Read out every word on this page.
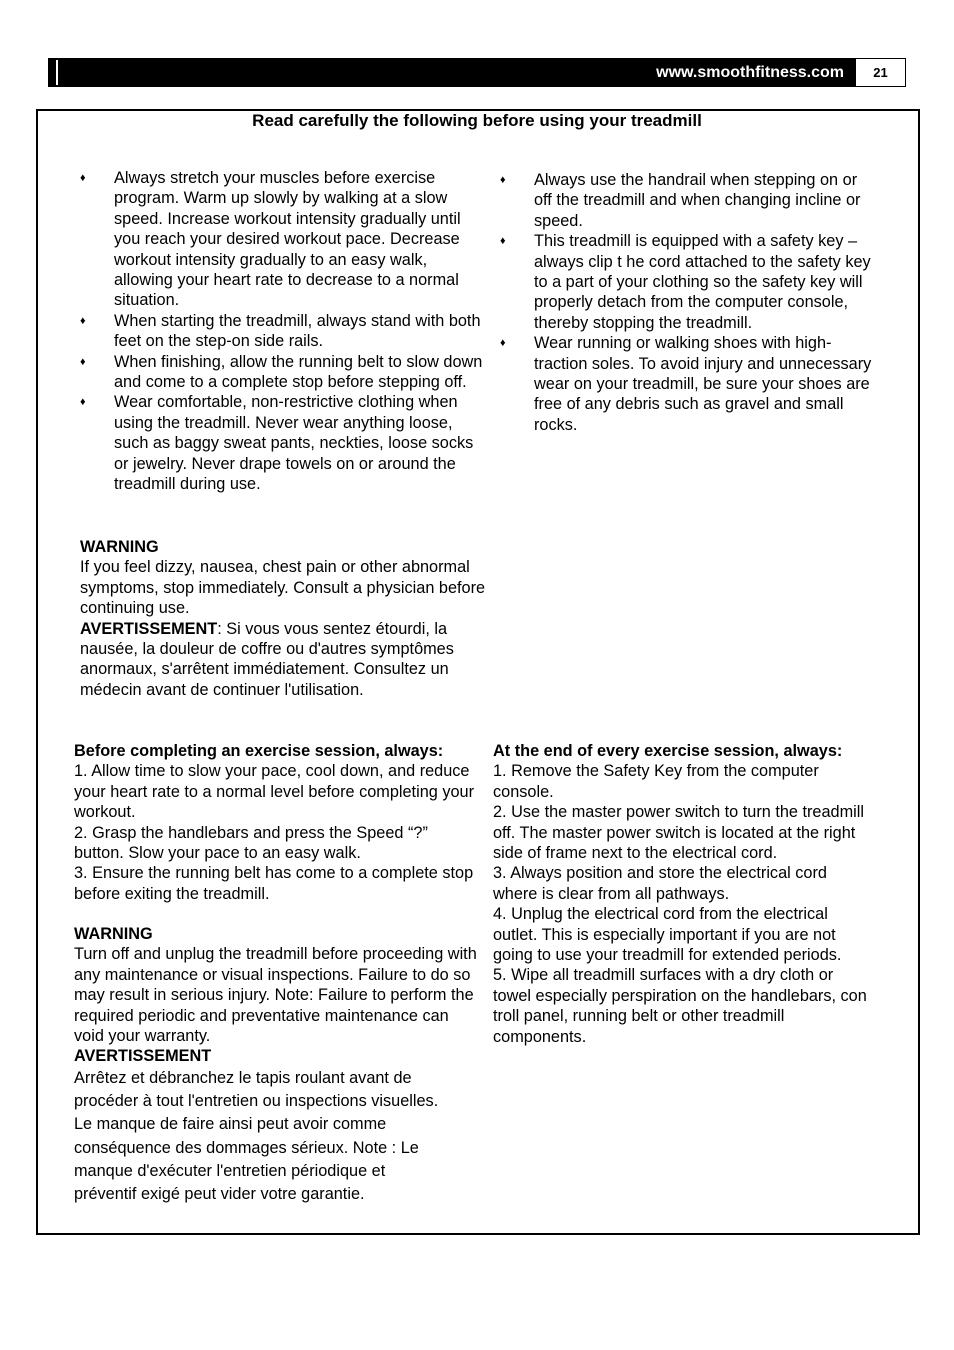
www.smoothfitness.com	21
Read carefully the following before using your treadmill
♦ Always stretch your muscles before exercise program. Warm up slowly by walking at a slow speed. Increase workout intensity gradually until you reach your desired workout pace. Decrease workout intensity gradually to an easy walk, allowing your heart rate to decrease to a normal situation.
♦ When starting the treadmill, always stand with both feet on the step-on side rails.
♦ When finishing, allow the running belt to slow down and come to a complete stop before stepping off.
♦ Wear comfortable, non-restrictive clothing when using the treadmill. Never wear anything loose, such as baggy sweat pants, neckties, loose socks or jewelry. Never drape towels on or around the treadmill during use.
♦ Always use the handrail when stepping on or off the treadmill and when changing incline or speed.
♦ This treadmill is equipped with a safety key – always clip t he cord attached to the safety key to a part of your clothing so the safety key will properly detach from the computer console, thereby stopping the treadmill.
♦ Wear running or walking shoes with high-traction soles. To avoid injury and unnecessary wear on your treadmill, be sure your shoes are free of any debris such as gravel and small rocks.
WARNING
If you feel dizzy, nausea, chest pain or other abnormal symptoms, stop immediately. Consult a physician before continuing use.
AVERTISSEMENT: Si vous vous sentez étourdi, la nausée, la douleur de coffre ou d'autres symptômes anormaux, s'arrêtent immédiatement. Consultez un médecin avant de continuer l'utilisation.
Before completing an exercise session, always:
1. Allow time to slow your pace, cool down, and reduce your heart rate to a normal level before completing your workout.
2. Grasp the handlebars and press the Speed “?” button. Slow your pace to an easy walk.
3. Ensure the running belt has come to a complete stop before exiting the treadmill.
WARNING
Turn off and unplug the treadmill before proceeding with any maintenance or visual inspections. Failure to do so may result in serious injury. Note: Failure to perform the required periodic and preventative maintenance can void your warranty.
AVERTISSEMENT
Arrêtez et débranchez le tapis roulant avant de
procéder à tout l'entretien ou inspections visuelles.
Le manque de faire ainsi peut avoir comme
conséquence des dommages sérieux. Note : Le
manque d'exécuter l'entretien périodique et
préventif exigé peut vider votre garantie.
At the end of every exercise session, always:
1. Remove the Safety Key from the computer console.
2. Use the master power switch to turn the treadmill off. The master power switch is located at the right side of frame next to the electrical cord.
3. Always position and store the electrical cord where is clear from all pathways.
4. Unplug the electrical cord from the electrical outlet. This is especially important if you are not going to use your treadmill for extended periods.
5. Wipe all treadmill surfaces with a dry cloth or towel especially perspiration on the handlebars, con troll panel, running belt or other treadmill components.
